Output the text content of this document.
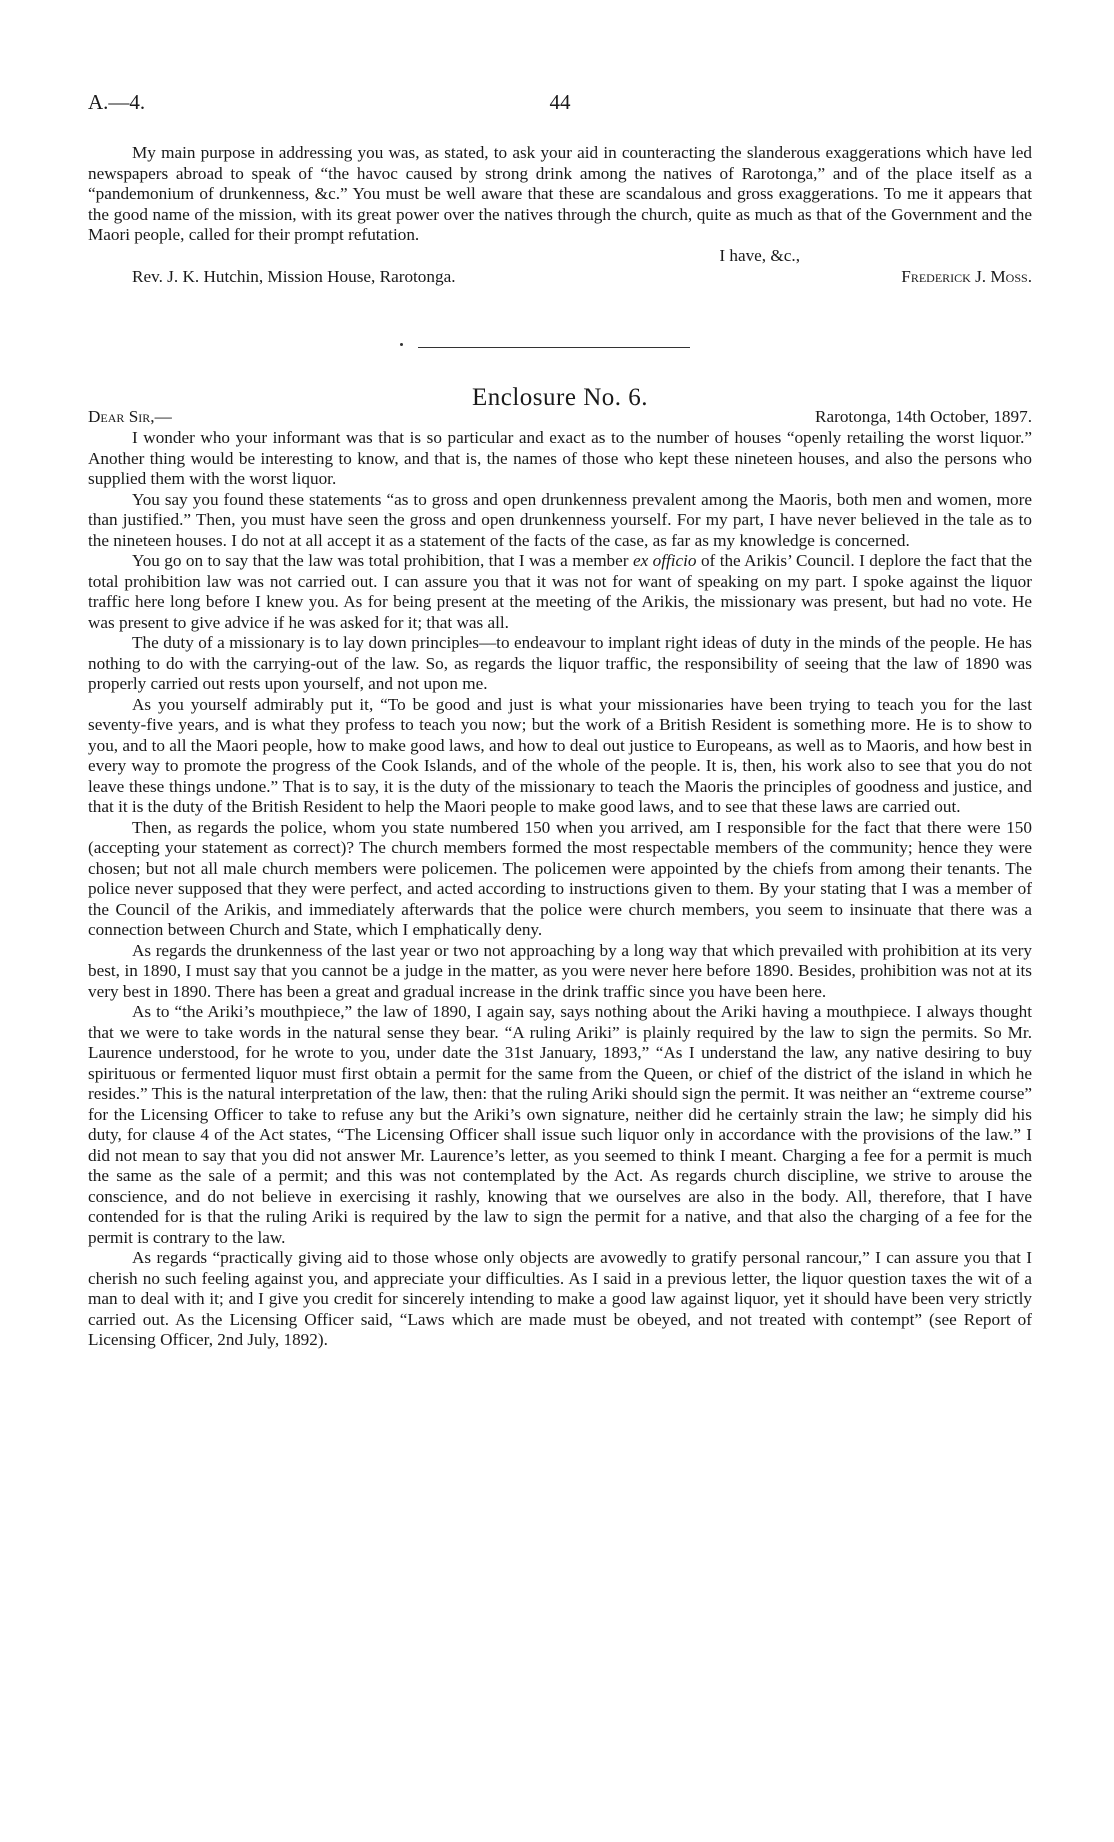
A.—4.	44

My main purpose in addressing you was, as stated, to ask your aid in counteracting the slanderous exaggerations which have led newspapers abroad to speak of “the havoc caused by strong drink among the natives of Rarotonga,” and of the place itself as a “pandemonium of drunkenness, &c.” You must be well aware that these are scandalous and gross exaggerations. To me it appears that the good name of the mission, with its great power over the natives through the church, quite as much as that of the Government and the Maori people, called for their prompt refutation.

I have, &c.,
Rev. J. K. Hutchin, Mission House, Rarotonga.	Frederick J. Moss.
Enclosure No. 6.
Dear Sir,—	Rarotonga, 14th October, 1897.

I wonder who your informant was that is so particular and exact as to the number of houses “openly retailing the worst liquor.” Another thing would be interesting to know, and that is, the names of those who kept these nineteen houses, and also the persons who supplied them with the worst liquor.

You say you found these statements “as to gross and open drunkenness prevalent among the Maoris, both men and women, more than justified.” Then, you must have seen the gross and open drunkenness yourself. For my part, I have never believed in the tale as to the nineteen houses. I do not at all accept it as a statement of the facts of the case, as far as my knowledge is concerned.

You go on to say that the law was total prohibition, that I was a member ex officio of the Arikis’ Council. I deplore the fact that the total prohibition law was not carried out. I can assure you that it was not for want of speaking on my part. I spoke against the liquor traffic here long before I knew you. As for being present at the meeting of the Arikis, the missionary was present, but had no vote. He was present to give advice if he was asked for it; that was all.

The duty of a missionary is to lay down principles—to endeavour to implant right ideas of duty in the minds of the people. He has nothing to do with the carrying-out of the law. So, as regards the liquor traffic, the responsibility of seeing that the law of 1890 was properly carried out rests upon yourself, and not upon me.

As you yourself admirably put it, “To be good and just is what your missionaries have been trying to teach you for the last seventy-five years, and is what they profess to teach you now; but the work of a British Resident is something more. He is to show to you, and to all the Maori people, how to make good laws, and how to deal out justice to Europeans, as well as to Maoris, and how best in every way to promote the progress of the Cook Islands, and of the whole of the people. It is, then, his work also to see that you do not leave these things undone.” That is to say, it is the duty of the missionary to teach the Maoris the principles of goodness and justice, and that it is the duty of the British Resident to help the Maori people to make good laws, and to see that these laws are carried out.

Then, as regards the police, whom you state numbered 150 when you arrived, am I responsible for the fact that there were 150 (accepting your statement as correct)? The church members formed the most respectable members of the community; hence they were chosen; but not all male church members were policemen. The policemen were appointed by the chiefs from among their tenants. The police never supposed that they were perfect, and acted according to instructions given to them. By your stating that I was a member of the Council of the Arikis, and immediately afterwards that the police were church members, you seem to insinuate that there was a connection between Church and State, which I emphatically deny.

As regards the drunkenness of the last year or two not approaching by a long way that which prevailed with prohibition at its very best, in 1890, I must say that you cannot be a judge in the matter, as you were never here before 1890. Besides, prohibition was not at its very best in 1890. There has been a great and gradual increase in the drink traffic since you have been here.

As to “the Ariki’s mouthpiece,” the law of 1890, I again say, says nothing about the Ariki having a mouthpiece. I always thought that we were to take words in the natural sense they bear. “A ruling Ariki” is plainly required by the law to sign the permits. So Mr. Laurence understood, for he wrote to you, under date the 31st January, 1893,” “As I understand the law, any native desiring to buy spirituous or fermented liquor must first obtain a permit for the same from the Queen, or chief of the district of the island in which he resides.” This is the natural interpretation of the law, then: that the ruling Ariki should sign the permit. It was neither an “extreme course” for the Licensing Officer to take to refuse any but the Ariki’s own signature, neither did he certainly strain the law; he simply did his duty, for clause 4 of the Act states, “The Licensing Officer shall issue such liquor only in accordance with the provisions of the law.” I did not mean to say that you did not answer Mr. Laurence’s letter, as you seemed to think I meant. Charging a fee for a permit is much the same as the sale of a permit; and this was not contemplated by the Act. As regards church discipline, we strive to arouse the conscience, and do not believe in exercising it rashly, knowing that we ourselves are also in the body. All, therefore, that I have contended for is that the ruling Ariki is required by the law to sign the permit for a native, and that also the charging of a fee for the permit is contrary to the law.

As regards “practically giving aid to those whose only objects are avowedly to gratify personal rancour,” I can assure you that I cherish no such feeling against you, and appreciate your difficulties. As I said in a previous letter, the liquor question taxes the wit of a man to deal with it; and I give you credit for sincerely intending to make a good law against liquor, yet it should have been very strictly carried out. As the Licensing Officer said, “Laws which are made must be obeyed, and not treated with contempt” (see Report of Licensing Officer, 2nd July, 1892).
